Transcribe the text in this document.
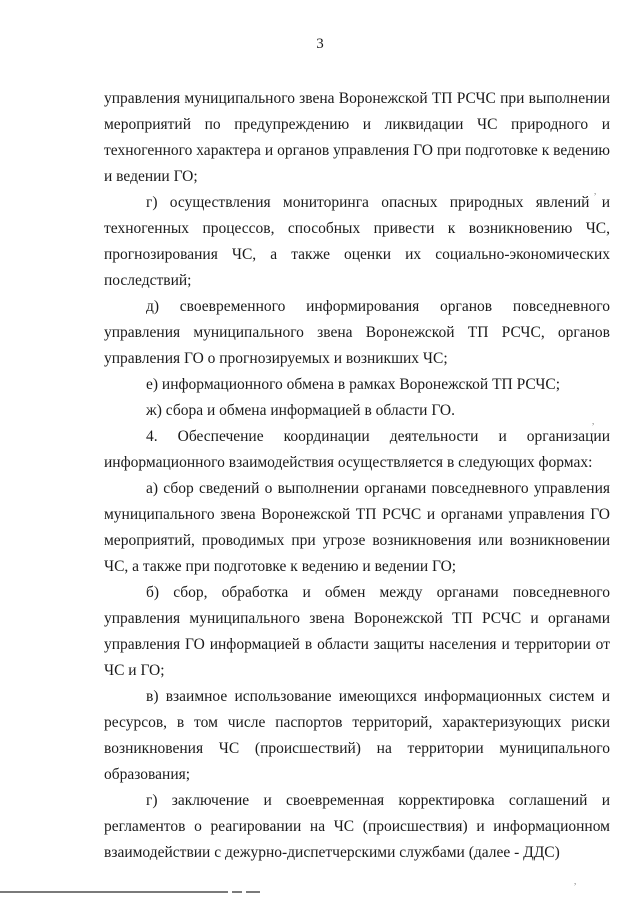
3

управления муниципального звена Воронежской ТП РСЧС при выполнении мероприятий по предупреждению и ликвидации ЧС природного и техногенного характера и органов управления ГО при подготовке к ведению и ведении ГО;

г) осуществления мониторинга опасных природных явлений и техногенных процессов, способных привести к возникновению ЧС, прогнозирования ЧС, а также оценки их социально-экономических последствий;

д) своевременного информирования органов повседневного управления муниципального звена Воронежской ТП РСЧС, органов управления ГО о прогнозируемых и возникших ЧС;

е) информационного обмена в рамках Воронежской ТП РСЧС;

ж) сбора и обмена информацией в области ГО.

4. Обеспечение координации деятельности и организации информационного взаимодействия осуществляется в следующих формах:

а) сбор сведений о выполнении органами повседневного управления муниципального звена Воронежской ТП РСЧС и органами управления ГО мероприятий, проводимых при угрозе возникновения или возникновении ЧС, а также при подготовке к ведению и ведении ГО;

б) сбор, обработка и обмен между органами повседневного управления муниципального звена Воронежской ТП РСЧС и органами управления ГО информацией в области защиты населения и территории от ЧС и ГО;

в) взаимное использование имеющихся информационных систем и ресурсов, в том числе паспортов территорий, характеризующих риски возникновения ЧС (происшествий) на территории муниципального образования;

г) заключение и своевременная корректировка соглашений и регламентов о реагировании на ЧС (происшествия) и информационном взаимодействии с дежурно-диспетчерскими службами (далее - ДДС)

,
,
,
